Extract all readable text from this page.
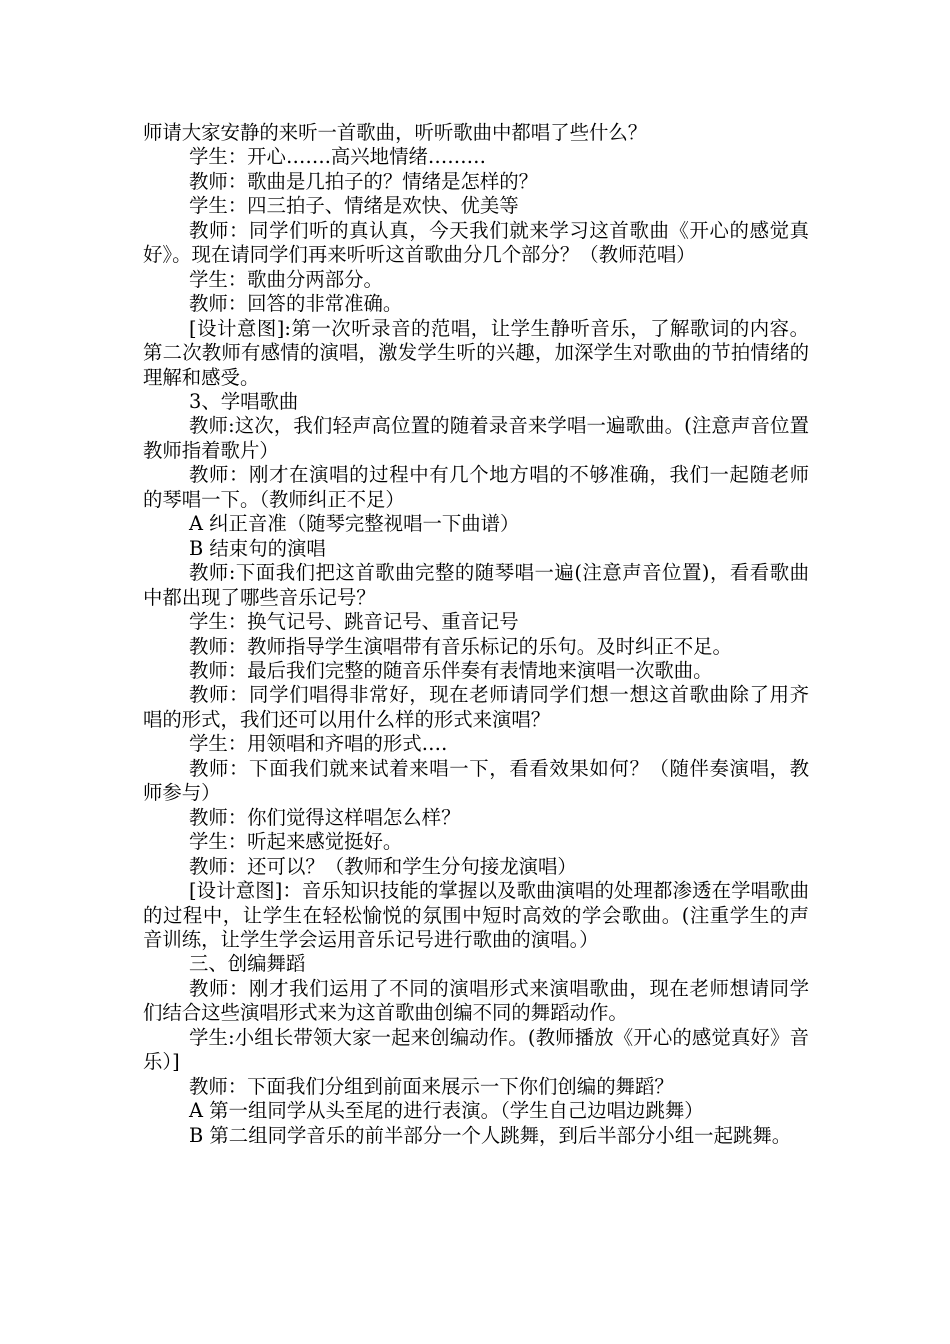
师请大家安静的来听一首歌曲，听听歌曲中都唱了些什么？

学生：开心…….高兴地情绪………

教师：歌曲是几拍子的？情绪是怎样的？

学生：四三拍子、情绪是欢快、优美等

教师：同学们听的真认真，今天我们就来学习这首歌曲《开心的感觉真好》。现在请同学们再来听听这首歌曲分几个部分？（教师范唱）

学生：歌曲分两部分。

教师：回答的非常准确。

[设计意图]:第一次听录音的范唱，让学生静听音乐，了解歌词的内容。第二次教师有感情的演唱，激发学生听的兴趣，加深学生对歌曲的节拍情绪的理解和感受。

3、学唱歌曲

教师:这次，我们轻声高位置的随着录音来学唱一遍歌曲。(注意声音位置教师指着歌片）

教师：刚才在演唱的过程中有几个地方唱的不够准确，我们一起随老师的琴唱一下。（教师纠正不足）

A 纠正音准（随琴完整视唱一下曲谱）

B 结束句的演唱

教师:下面我们把这首歌曲完整的随琴唱一遍(注意声音位置)，看看歌曲中都出现了哪些音乐记号？

学生：换气记号、跳音记号、重音记号

教师：教师指导学生演唱带有音乐标记的乐句。及时纠正不足。

教师：最后我们完整的随音乐伴奏有表情地来演唱一次歌曲。

教师：同学们唱得非常好，现在老师请同学们想一想这首歌曲除了用齐唱的形式，我们还可以用什么样的形式来演唱？

学生：用领唱和齐唱的形式….

教师：下面我们就来试着来唱一下，看看效果如何？（随伴奏演唱，教师参与）

教师：你们觉得这样唱怎么样？

学生：听起来感觉挺好。

教师：还可以？（教师和学生分句接龙演唱）

[设计意图]：音乐知识技能的掌握以及歌曲演唱的处理都渗透在学唱歌曲的过程中，让学生在轻松愉悦的氛围中短时高效的学会歌曲。(注重学生的声音训练，让学生学会运用音乐记号进行歌曲的演唱。）

三、创编舞蹈

教师：刚才我们运用了不同的演唱形式来演唱歌曲，现在老师想请同学们结合这些演唱形式来为这首歌曲创编不同的舞蹈动作。

学生:小组长带领大家一起来创编动作。(教师播放《开心的感觉真好》音乐）]

教师：下面我们分组到前面来展示一下你们创编的舞蹈？

A 第一组同学从头至尾的进行表演。（学生自己边唱边跳舞）

B 第二组同学音乐的前半部分一个人跳舞，到后半部分小组一起跳舞。
